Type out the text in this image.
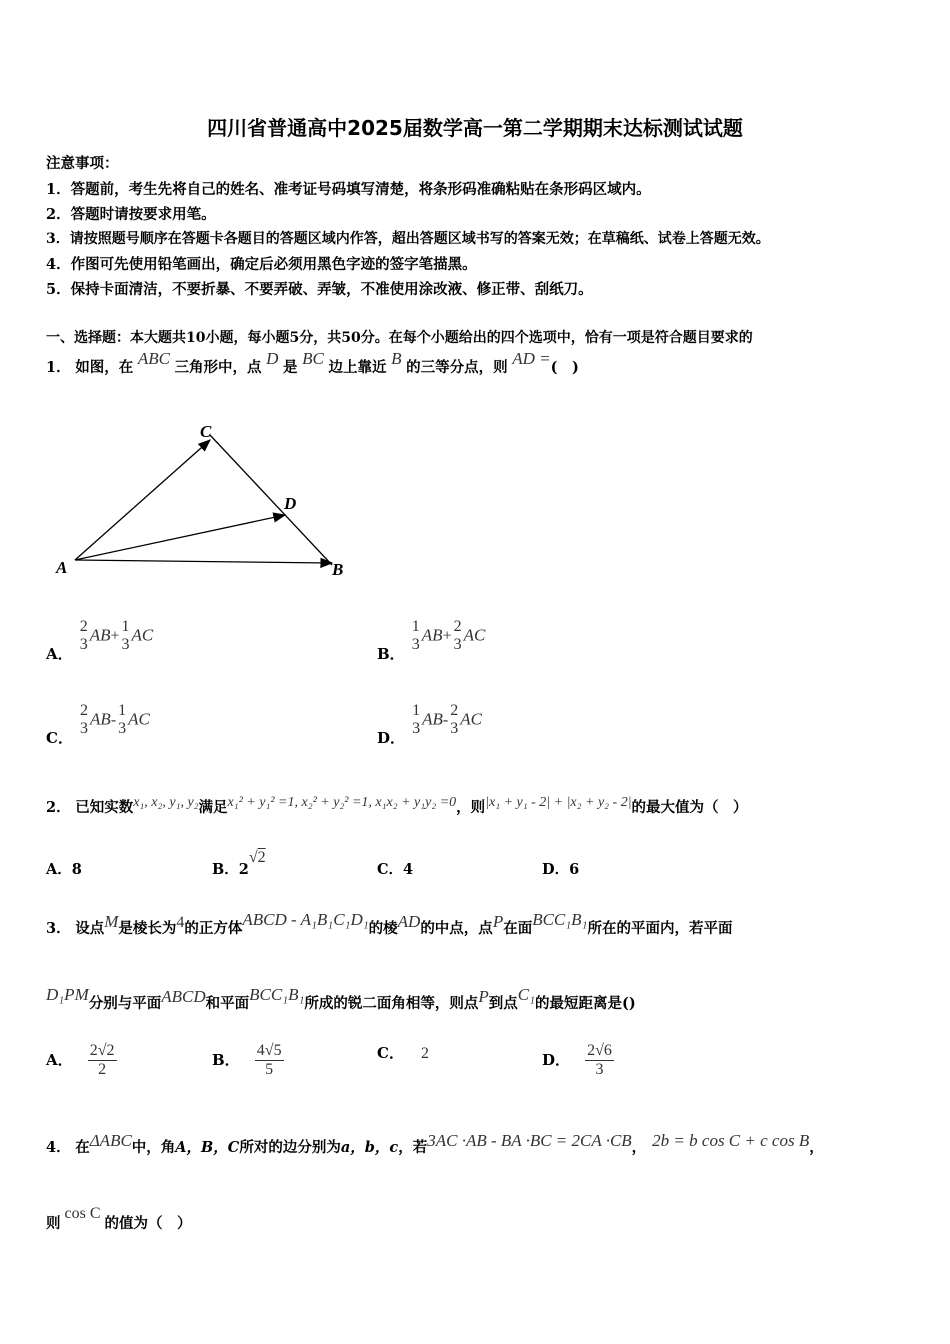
四川省普通高中2025届数学高一第二学期期末达标测试试题
注意事项：
1．答题前，考生先将自己的姓名、准考证号码填写清楚，将条形码准确粘贴在条形码区域内。
2．答题时请按要求用笔。
3．请按照题号顺序在答题卡各题目的答题区域内作答，超出答题区域书写的答案无效；在草稿纸、试卷上答题无效。
4．作图可先使用铅笔画出，确定后必须用黑色字迹的签字笔描黑。
5．保持卡面清洁，不要折暴、不要弄破、弄皱，不准使用涂改液、修正带、刮纸刀。
一、选择题：本大题共10小题，每小题5分，共50分。在每个小题给出的四个选项中，恰有一项是符合题目要求的
1． 如图，在 ABC 三角形中，点 D 是 BC 边上靠近 B 的三等分点，则 AD =(　)
A
C
D
B
A．
2
3 AB+
1
3 AC
B．
1
3 AB+
2
3 AC
C．
2
3 AB-
1
3 AC
D．
1
3 AB-
2
3 AC
2． 已知实数x₁, x₂, y₁, y₂满足x₁² + y₁² =1, x₂² + y₂² =1, x₁x₂ + y₁y₂ =0，则|x₁ + y₁ - 2| + |x₂ + y₂ - 2|的最大值为（　）
A．8	B．2√2
C．4	D．6
3． 设点M是棱长为4的正方体ABCD - A₁B₁C₁D₁的棱AD的中点，点P在面BCC₁B₁所在的平面内，若平面
D₁PM分别与平面ABCD和平面BCC₁B₁所成的锐二面角相等，则点P到点C₁的最短距离是()
A． $\frac{2√2}{2}$	B． $\frac{4√5}{5}$	C． 2	D． $\frac{2√6}{3}$
4． 在ΔABC中，角A，B，C所对的边分别为a，b，c，若3AC ·AB - BA ·BC = 2CA ·CB， 2b = b cos C + c cos B，
则cos C的值为（　）
